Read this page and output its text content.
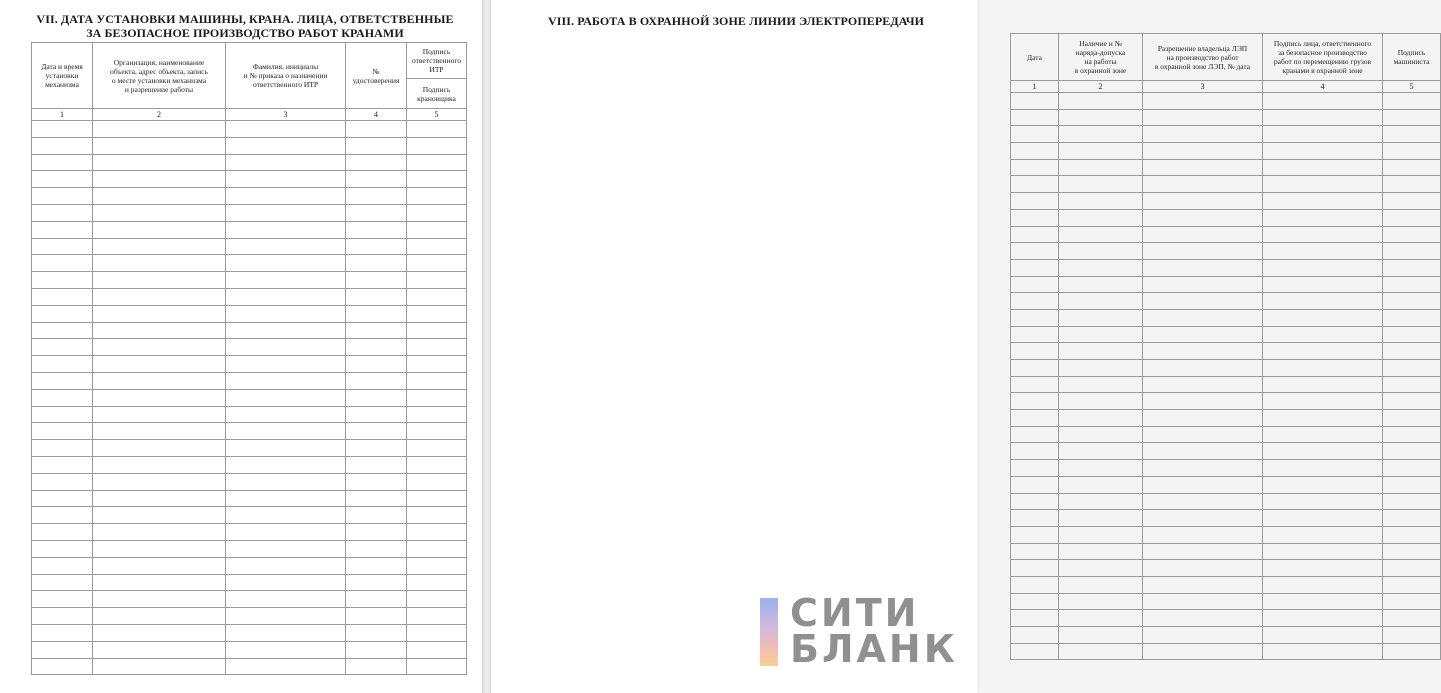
VII. ДАТА УСТАНОВКИ МАШИНЫ, КРАНА. ЛИЦА, ОТВЕТСТВЕННЫЕ
ЗА БЕЗОПАСНОЕ ПРОИЗВОДСТВО РАБОТ КРАНАМИ
Дата и время
установки
механизма	Организация, наименование
объекта, адрес объекта, запись
о месте установки механизма
и разрешение работы	Фамилия, инициалы
и № приказа о назначении
ответственного ИТР	№
удостоверения	Подпись
ответственного
ИТР
				Подпись
крановщика
1	2	3	4	5

VIII. РАБОТА В ОХРАННОЙ ЗОНЕ ЛИНИИ ЭЛЕКТРОПЕРЕДАЧИ
Дата	Наличие и №
наряда-допуска
на работы
в охранной зоне	Разрешение владельца ЛЭП
на производство работ
в охранной зоне ЛЭП, № дата	Подпись лица, ответственного
за безопасное производство
работ по перемещению грузов
кранами в охранной зоне	Подпись
машиниста
1	2	3	4	5

СИТИ
БЛАНК
